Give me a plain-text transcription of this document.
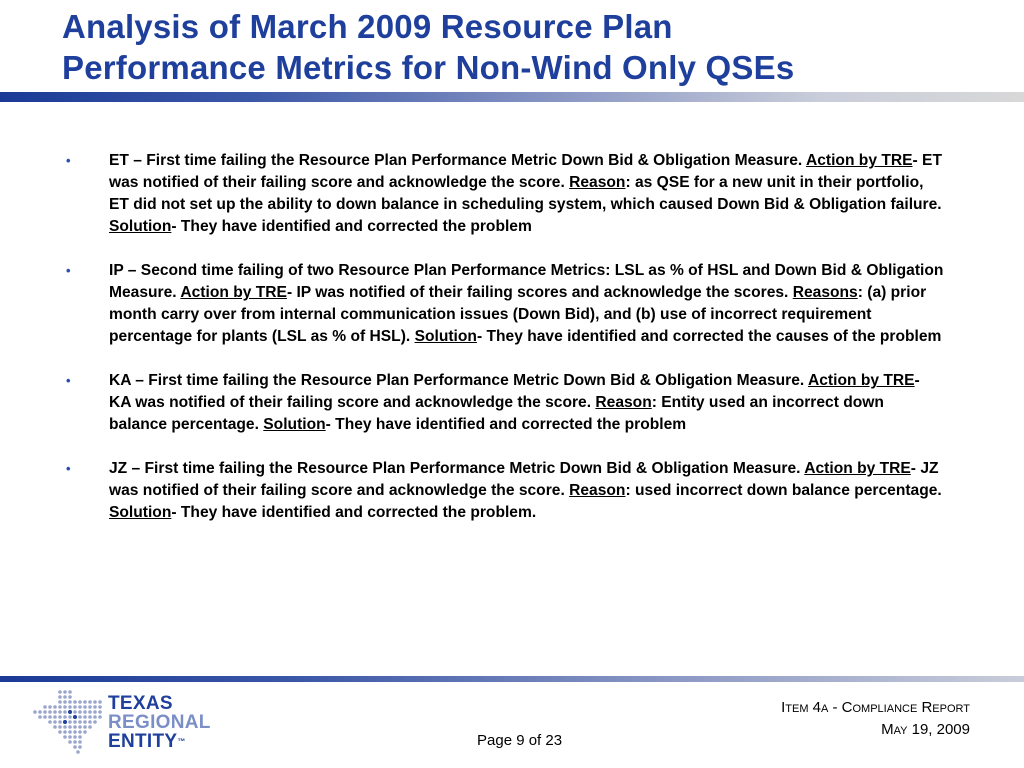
Analysis of March 2009 Resource Plan
Performance Metrics for Non-Wind Only QSEs
• ET – First time failing the Resource Plan Performance Metric Down Bid & Obligation Measure. Action by TRE- ET was notified of their failing score and acknowledge the score. Reason: as QSE for a new unit in their portfolio, ET did not set up the ability to down balance in scheduling system, which caused Down Bid & Obligation failure. Solution- They have identified and corrected the problem
• IP – Second time failing of two Resource Plan Performance Metrics: LSL as % of HSL and Down Bid & Obligation Measure. Action by TRE- IP was notified of their failing scores and acknowledge the scores. Reasons: (a) prior month carry over from internal communication issues (Down Bid), and (b) use of incorrect requirement percentage for plants (LSL as % of HSL). Solution- They have identified and corrected the causes of the problem
• KA – First time failing the Resource Plan Performance Metric Down Bid & Obligation Measure. Action by TRE- KA was notified of their failing score and acknowledge the score. Reason: Entity used an incorrect down balance percentage. Solution- They have identified and corrected the problem
• JZ – First time failing the Resource Plan Performance Metric Down Bid & Obligation Measure. Action by TRE- JZ was notified of their failing score and acknowledge the score. Reason: used incorrect down balance percentage. Solution- They have identified and corrected the problem.
TEXAS
REGIONAL
ENTITY™
Item 4a - Compliance Report
May 19, 2009
Page 9 of 23
